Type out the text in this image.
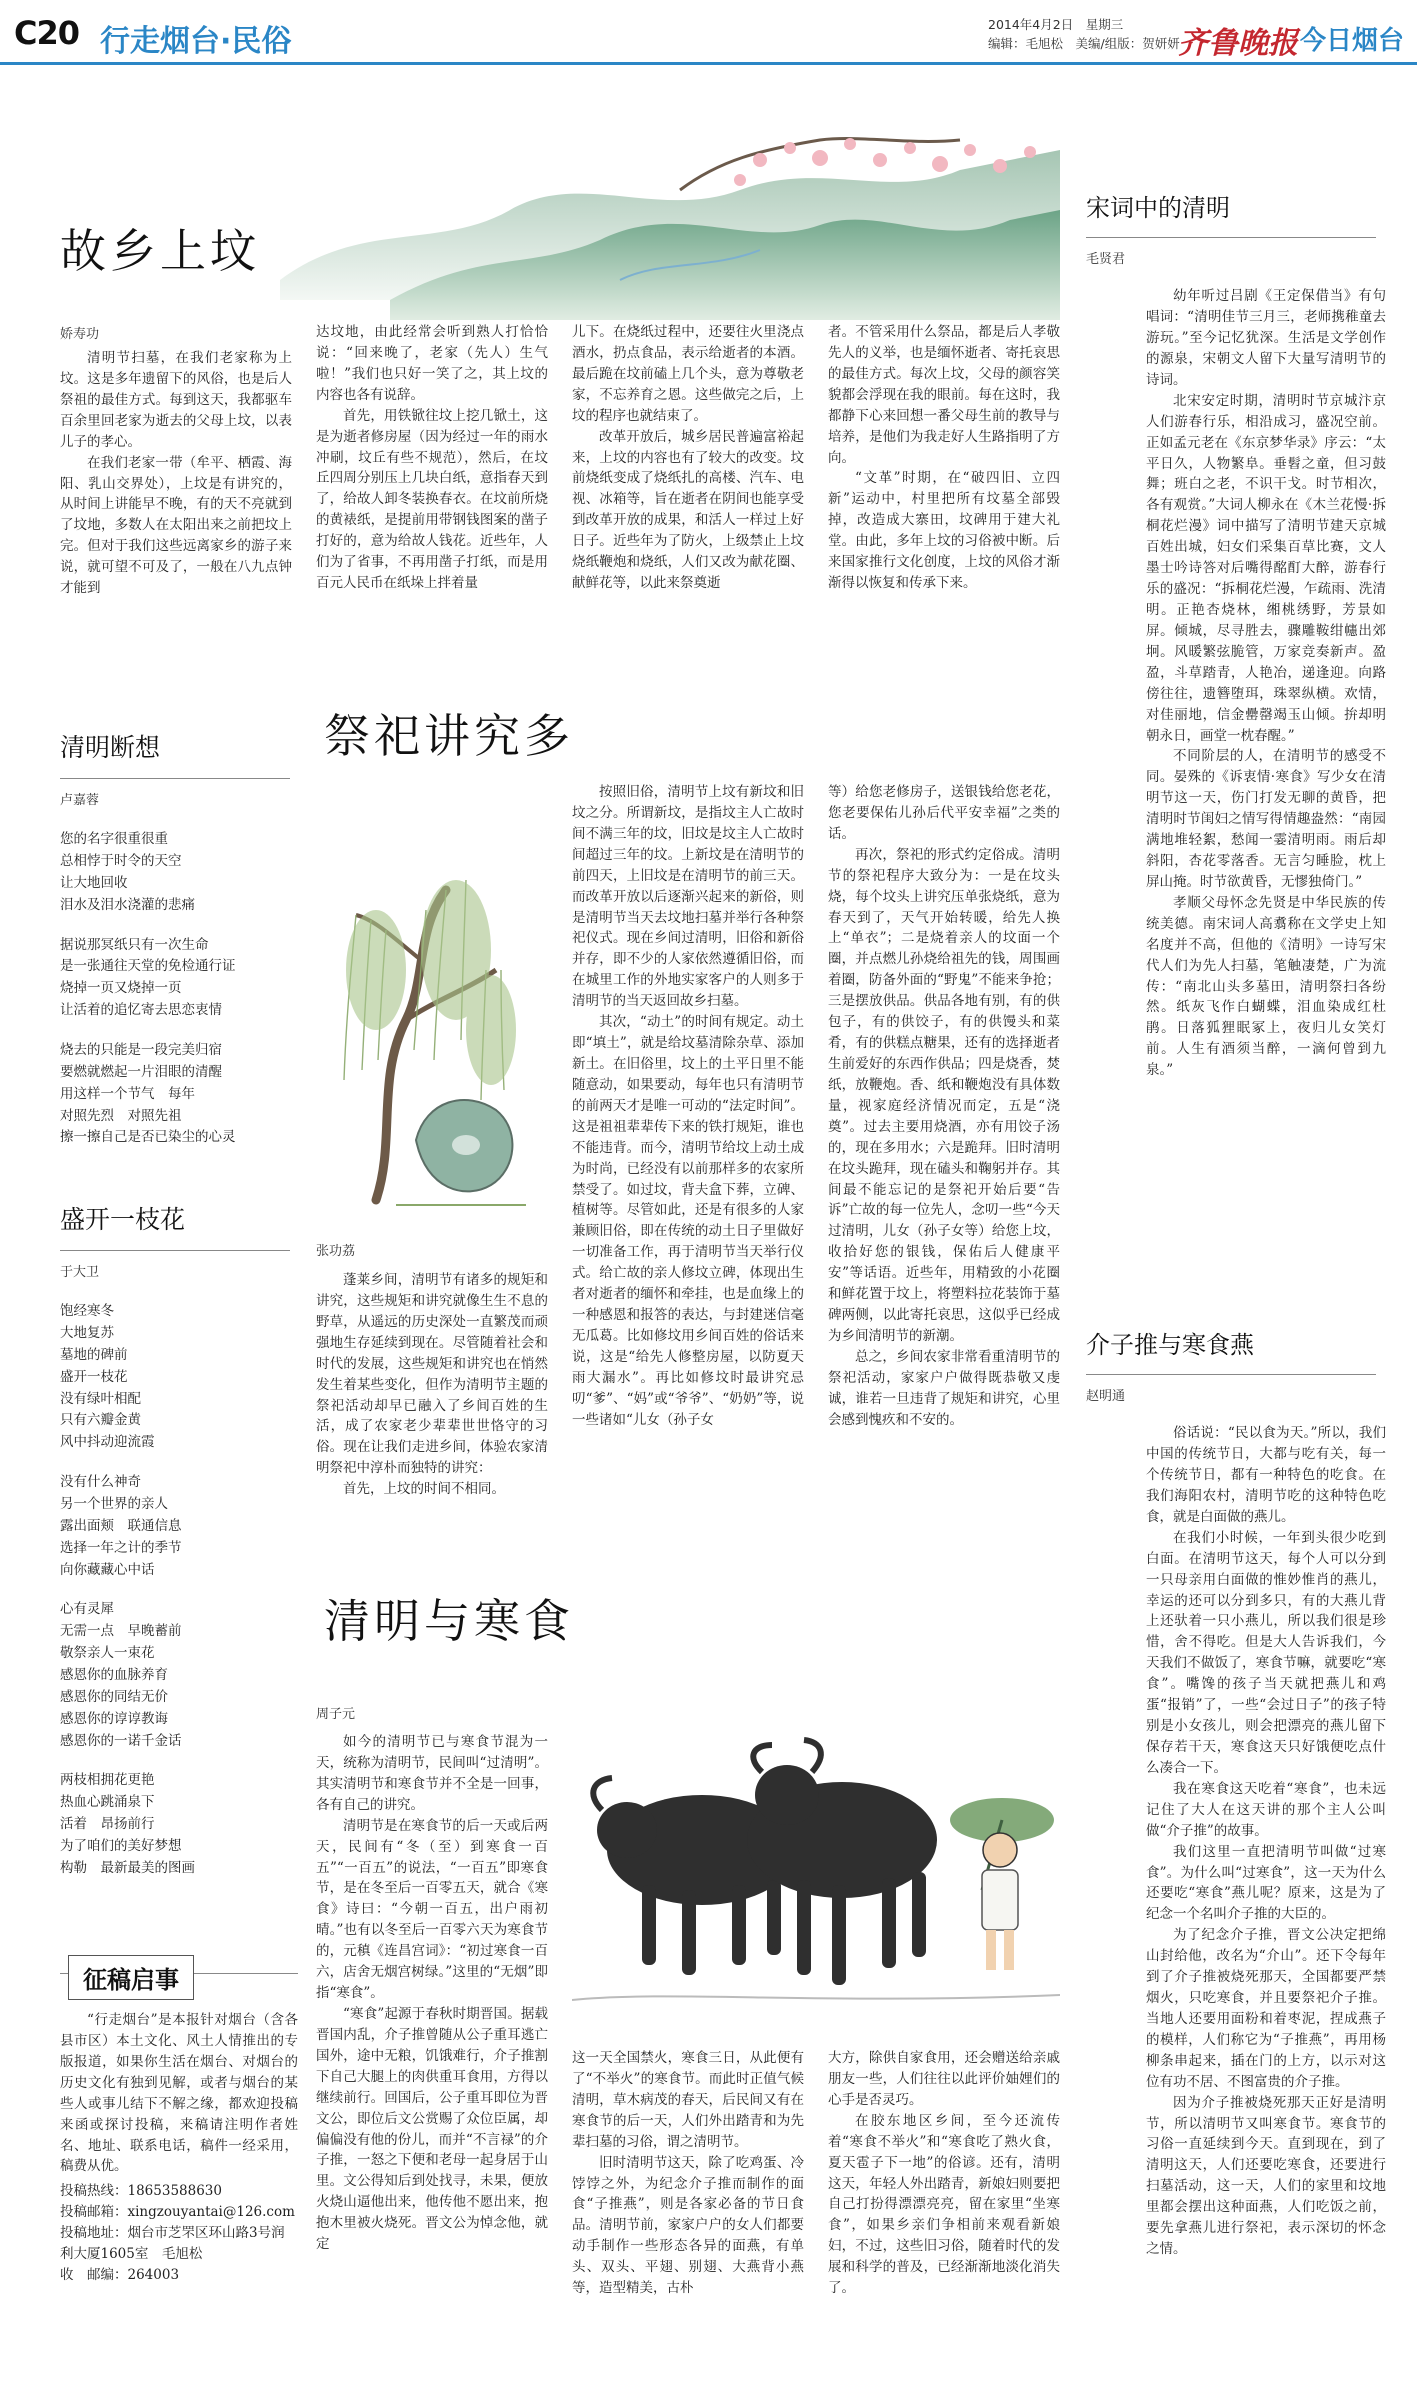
C20 行走烟台·民俗	2014年4月2日　星期三
编辑：毛旭松　美编/组版：贺妍妍
齐鲁晚报 今日烟台
故乡上坟
娇寿功

清明节扫墓，在我们老家称为上坟。这是多年遗留下的风俗，也是后人祭祖的最佳方式。每到这天，我都驱车百余里回老家为逝去的父母上坟，以表儿子的孝心。

在我们老家一带（牟平、栖霞、海阳、乳山交界处），上坟是有讲究的，从时间上讲能早不晚，有的天不亮就到了坟地，多数人在太阳出来之前把坟上完。但对于我们这些远离家乡的游子来说，就可望不可及了，一般在八九点钟才能到

达坟地，由此经常会听到熟人打恰恰说：“回来晚了，老家（先人）生气啦！”我们也只好一笑了之，其上坟的内容也各有说辞。

首先，用铁锨往坟上挖几锨土，这是为逝者修房屋（因为经过一年的雨水冲刷，坟丘有些不规范），然后，在坟丘四周分别压上几块白纸，意指春天到了，给故人卸冬装换春衣。在坟前所烧的黄裱纸，是提前用带钢钱图案的凿子打好的，意为给故人钱花。近些年，人们为了省事，不再用凿子打纸，而是用百元人民币在纸垛上拌着量

儿下。在烧纸过程中，还要往火里浇点酒水，扔点食品，表示给逝者的本酒。最后跪在坟前磕上几个头，意为尊敬老家，不忘养育之恩。这些做完之后，上坟的程序也就结束了。

改革开放后，城乡居民普遍富裕起来，上坟的内容也有了较大的改变。坟前烧纸变成了烧纸扎的高楼、汽车、电视、冰箱等，旨在逝者在阴间也能享受到改革开放的成果，和活人一样过上好日子。近些年为了防火，上级禁止上坟烧纸鞭炮和烧纸，人们又改为献花圈、献鲜花等，以此来祭奠逝

者。不管采用什么祭品，都是后人孝敬先人的义举，也是缅怀逝者、寄托哀思的最佳方式。每次上坟，父母的颜容笑貌都会浮现在我的眼前。每在这时，我都静下心来回想一番父母生前的教导与培养，是他们为我走好人生路指明了方向。

“文革”时期，在“破四旧、立四新”运动中，村里把所有坟墓全部毁掉，改造成大寨田，坟碑用于建大礼堂。由此，多年上坟的习俗被中断。后来国家推行文化创度，上坟的风俗才渐渐得以恢复和传承下来。

清明断想
卢嘉蓉
您的名字很重很重
总相悖于时令的天空
让大地回收
泪水及泪水浇灌的悲痛
据说那冥纸只有一次生命
是一张通往天堂的免检通行证
烧掉一页又烧掉一页
让活着的追忆寄去思恋衷情
烧去的只能是一段完美归宿
要燃就燃起一片泪眼的清醒
用这样一个节气　每年
对照先烈　对照先祖
擦一擦自己是否已染尘的心灵
盛开一枝花
于大卫
饱经寒冬
大地复苏
墓地的碑前
盛开一枝花
没有绿叶相配
只有六瓣金黄
风中抖动迎流霞
没有什么神奇
另一个世界的亲人
露出面颊　联通信息
选择一年之计的季节
向你藏藏心中话
心有灵犀
无需一点　早晚蓄前
敬祭亲人一束花
感恩你的血脉养育
感恩你的同结无价
感恩你的谆谆教诲
感恩你的一诺千金话
两枝相拥花更艳
热血心跳涌泉下
活着　昂扬前行
为了咱们的美好梦想
构勒　最新最美的图画
征稿启事
“行走烟台”是本报针对烟台（含各县市区）本土文化、风土人情推出的专版报道，如果你生活在烟台、对烟台的历史文化有独到见解，或者与烟台的某些人或事儿结下不解之缘，都欢迎投稿来函或探讨投稿，来稿请注明作者姓名、地址、联系电话，稿件一经采用，稿费从优。
投稿热线：18653588630
投稿邮箱：xingzouyantai@126.com
投稿地址：烟台市芝罘区环山路3号润利大厦1605室　毛旭松
收　邮编：264003
祭祀讲究多
张功荔

蓬莱乡间，清明节有诸多的规矩和讲究，这些规矩和讲究就像生生不息的野草，从遥远的历史深处一直繁茂而顽强地生存延续到现在。尽管随着社会和时代的发展，这些规矩和讲究也在悄然发生着某些变化，但作为清明节主题的祭祀活动却早已融入了乡间百姓的生活，成了农家老少辈辈世世恪守的习俗。现在让我们走进乡间，体验农家清明祭祀中淳朴而独特的讲究：

首先，上坟的时间不相同。

按照旧俗，清明节上坟有新坟和旧坟之分。所谓新坟，是指坟主人亡故时间不满三年的坟，旧坟是坟主人亡故时间超过三年的坟。上新坟是在清明节的前四天，上旧坟是在清明节的前三天。而改革开放以后逐渐兴起来的新俗，则是清明节当天去坟地扫墓并举行各种祭祀仪式。现在乡间过清明，旧俗和新俗并存，即不少的人家依然遵循旧俗，而在城里工作的外地实家客户的人则多于清明节的当天返回故乡扫墓。

其次，“动土”的时间有规定。动土即“填土”，就是给坟墓清除杂草、添加新土。在旧俗里，坟上的土平日里不能随意动，如果要动，每年也只有清明节的前两天才是唯一可动的“法定时间”。这是祖祖辈辈传下来的铁打规矩，谁也不能违背。而今，清明节给坟上动土成为时尚，已经没有以前那样多的农家所禁受了。如过坟，背夫盒下葬，立碑、植树等。尽管如此，还是有很多的人家兼顾旧俗，即在传统的动土日子里做好一切准备工作，再于清明节当天举行仪式。给亡故的亲人修坟立碑，体现出生者对逝者的缅怀和牵挂，也是血缘上的一种感恩和报答的表达，与封建迷信毫无瓜葛。比如修坟用乡间百姓的俗话来说，这是“给先人修整房屋，以防夏天雨大漏水”。再比如修坟时最讲究忌叨“爹”、“妈”或“爷爷”、“奶奶”等，说一些诸如“儿女（孙子女

等）给您老修房子，送银钱给您老花，您老要保佑儿孙后代平安幸福”之类的话。

再次，祭祀的形式约定俗成。清明节的祭祀程序大致分为：一是在坟头烧，每个坟头上讲究压单张烧纸，意为春天到了，天气开始转暖，给先人换上“单衣”；二是烧着亲人的坟面一个圈，并点燃儿孙烧给祖先的钱，周围画着圈，防备外面的“野鬼”不能来争抢；三是摆放供品。供品各地有别，有的供包子，有的供饺子，有的供馒头和菜肴，有的供糕点糖果，还有的选择逝者生前爱好的东西作供品；四是烧香，焚纸，放鞭炮。香、纸和鞭炮没有具体数量，视家庭经济情况而定，五是“浇奠”。过去主要用烧酒，亦有用饺子汤的，现在多用水；六是跪拜。旧时清明在坟头跪拜，现在磕头和鞠躬并存。其间最不能忘记的是祭祀开始后要“告诉”亡故的每一位先人，念叨一些“今天过清明，儿女（孙子女等）给您上坟，收拾好您的银钱，保佑后人健康平安”等话语。近些年，用精致的小花圈和鲜花置于坟上，将塑料拉花装饰于墓碑两侧，以此寄托哀思，这似乎已经成为乡间清明节的新潮。

总之，乡间农家非常看重清明节的祭祀活动，家家户户做得既恭敬又虔诚，谁若一旦违背了规矩和讲究，心里会感到愧疚和不安的。

清明与寒食
周子元

如今的清明节已与寒食节混为一天，统称为清明节，民间叫“过清明”。其实清明节和寒食节并不全是一回事，各有自己的讲究。

清明节是在寒食节的后一天或后两天，民间有“冬（至）到寒食一百五”“一百五”的说法，“一百五”即寒食节，是在冬至后一百零五天，就合《寒食》诗曰：“今朝一百五，出户雨初晴。”也有以冬至后一百零六天为寒食节的，元稹《连昌宫词》：“初过寒食一百六，店舍无烟宫树绿。”这里的“无烟”即指“寒食”。

“寒食”起源于春秋时期晋国。据载晋国内乱，介子推曾随从公子重耳逃亡国外，途中无粮，饥饿难行，介子推割下自己大腿上的肉供重耳食用，方得以继续前行。回国后，公子重耳即位为晋文公，即位后文公赏赐了众位臣属，却偏偏没有他的份儿，而并“不言禄”的介子推，一怒之下便和老母一起身居于山里。文公得知后到处找寻，未果，便放火烧山逼他出来，他传他不愿出来，抱抱木里被火烧死。晋文公为悼念他，就定

这一天全国禁火，寒食三日，从此便有了“不举火”的寒食节。而此时正值气候清明，草木病茂的春天，后民间又有在寒食节的后一天，人们外出踏青和为先辈扫墓的习俗，谓之清明节。

旧时清明节这天，除了吃鸡蛋、冷饽饽之外，为纪念介子推而制作的面食“子推燕”，则是各家必备的节日食品。清明节前，家家户户的女人们都要动手制作一些形态各异的面燕，有单头、双头、平翅、别翅、大燕背小燕等，造型精美，古朴

大方，除供自家食用，还会赠送给亲戚朋友一些，人们往往以此评价妯娌们的心手是否灵巧。

在胶东地区乡间，至今还流传着“寒食不举火”和“寒食吃了熟火食，夏天雹子下一地”的俗谚。还有，清明这天，年轻人外出踏青，新娘妇则要把自己打扮得漂漂亮亮，留在家里“坐寒食”，如果乡亲们争相前来观看新娘妇，不过，这些旧习俗，随着时代的发展和科学的普及，已经渐渐地淡化消失了。

宋词中的清明
毛贤君

幼年听过吕剧《王定保借当》有句唱词：“清明佳节三月三，老师携稚童去游玩。”至今记忆犹深。生活是文学创作的源泉，宋朝文人留下大量写清明节的诗词。

北宋安定时期，清明时节京城汴京人们游春行乐，相沿成习，盛况空前。正如孟元老在《东京梦华录》序云：“太平日久，人物繁阜。垂髫之童，但习鼓舞；班白之老，不识干戈。时节相次，各有观赏。”大词人柳永在《木兰花慢·拆桐花烂漫》词中描写了清明节建天京城百姓出城，妇女们采集百草比赛，文人墨士吟诗答对后嘴得酩酊大醉，游春行乐的盛况：“拆桐花烂漫，乍疏雨、洗清明。正艳杏烧林，缃桃绣野，芳景如屏。倾城，尽寻胜去，骤雕鞍绀幰出郊坰。风暖繁弦脆管，万家竞奏新声。盈盈，斗草踏青，人艳冶，递逢迎。向路傍往往，遗簪堕珥，珠翠纵横。欢情，对佳丽地，信金罍罄竭玉山倾。拚却明朝永日，画堂一枕春醒。”

不同阶层的人，在清明节的感受不同。晏殊的《诉衷情·寒食》写少女在清明节这一天，伤门打发无聊的黄昏，把清明时节闺妇之情写得情趣盎然：“南园满地堆轻絮，愁闻一霎清明雨。雨后却斜阳，杏花零落香。无言匀睡脸，枕上屏山掩。时节欲黄昏，无憀独倚门。”

孝顺父母怀念先贤是中华民族的传统美德。南宋词人高翥称在文学史上知名度并不高，但他的《清明》一诗写宋代人们为先人扫墓，笔触凄楚，广为流传：“南北山头多墓田，清明祭扫各纷然。纸灰飞作白蝴蝶，泪血染成红杜鹃。日落狐狸眠冢上，夜归儿女笑灯前。人生有酒须当醉，一滴何曾到九泉。”

介子推与寒食燕
赵明通

俗话说：“民以食为天。”所以，我们中国的传统节日，大都与吃有关，每一个传统节日，都有一种特色的吃食。在我们海阳农村，清明节吃的这种特色吃食，就是白面做的燕儿。

在我们小时候，一年到头很少吃到白面。在清明节这天，每个人可以分到一只母亲用白面做的惟妙惟肖的燕儿，幸运的还可以分到多只，有的大燕儿背上还驮着一只小燕儿，所以我们很是珍惜，舍不得吃。但是大人告诉我们，今天我们不做饭了，寒食节嘛，就要吃“寒食”。嘴馋的孩子当天就把燕儿和鸡蛋“报销”了，一些“会过日子”的孩子特别是小女孩儿，则会把漂亮的燕儿留下保存若干天，寒食这天只好饿便吃点什么凑合一下。

我在寒食这天吃着“寒食”，也未远记住了大人在这天讲的那个主人公叫做“介子推”的故事。

我们这里一直把清明节叫做“过寒食”。为什么叫“过寒食”，这一天为什么还要吃“寒食”燕儿呢？原来，这是为了纪念一个名叫介子推的大臣的。

为了纪念介子推，晋文公决定把绵山封给他，改名为“介山”。还下令每年到了介子推被烧死那天，全国都要严禁烟火，只吃寒食，并且要祭祀介子推。当地人还要用面粉和着枣泥，捏成燕子的模样，人们称它为“子推燕”，再用杨柳条串起来，插在门的上方，以示对这位有功不居、不图富贵的介子推。

因为介子推被烧死那天正好是清明节，所以清明节又叫寒食节。寒食节的习俗一直延续到今天。直到现在，到了清明这天，人们还要吃寒食，还要进行扫墓活动，这一天，人们的家里和坟地里都会摆出这种面燕，人们吃饭之前，要先拿燕儿进行祭祀，表示深切的怀念之情。
